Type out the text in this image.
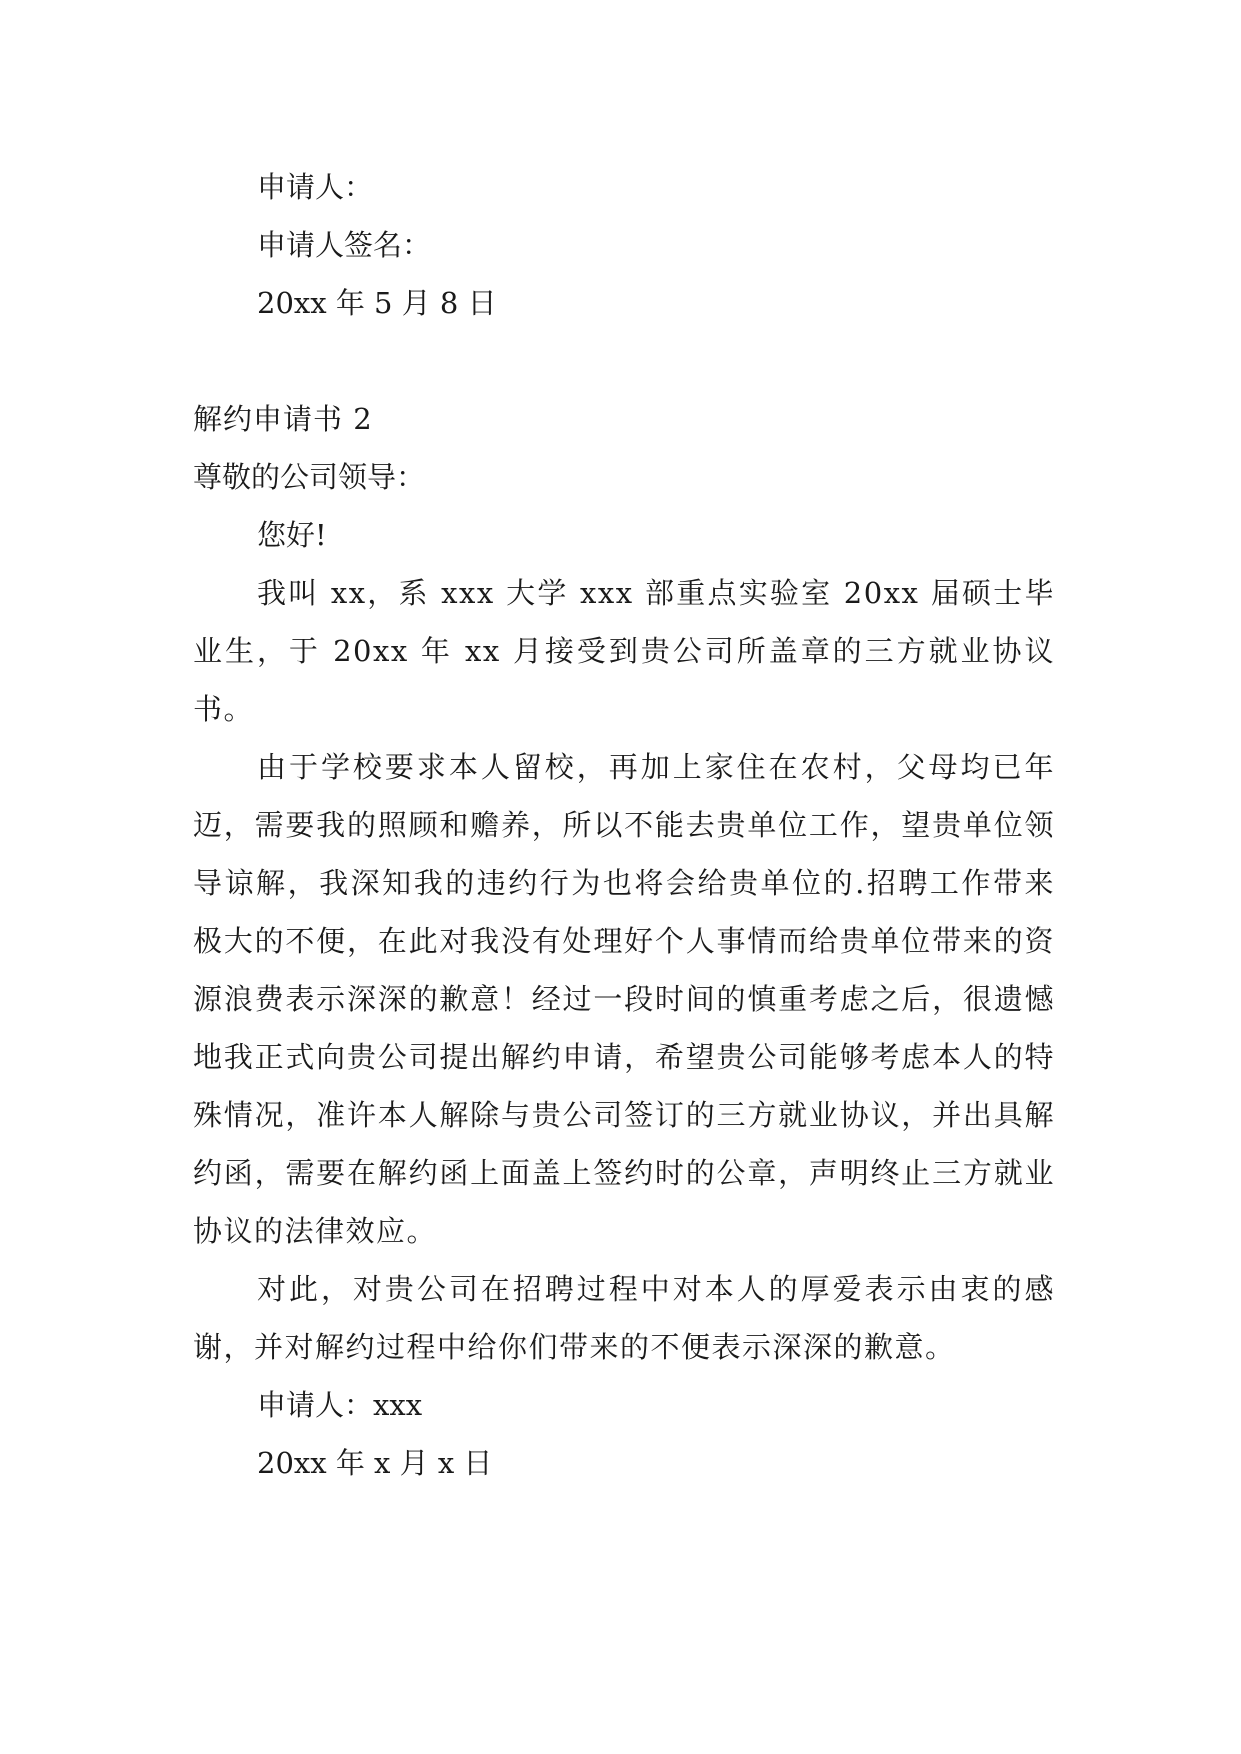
申请人：

申请人签名：

20xx 年 5 月 8 日

解约申请书 2

尊敬的公司领导：

您好!

我叫 xx，系 xxx 大学 xxx 部重点实验室 20xx 届硕士毕业生，于 20xx 年 xx 月接受到贵公司所盖章的三方就业协议书。

由于学校要求本人留校，再加上家住在农村，父母均已年迈，需要我的照顾和赡养，所以不能去贵单位工作，望贵单位领导谅解，我深知我的违约行为也将会给贵单位的.招聘工作带来极大的不便，在此对我没有处理好个人事情而给贵单位带来的资源浪费表示深深的歉意！经过一段时间的慎重考虑之后，很遗憾地我正式向贵公司提出解约申请，希望贵公司能够考虑本人的特殊情况，准许本人解除与贵公司签订的三方就业协议，并出具解约函，需要在解约函上面盖上签约时的公章，声明终止三方就业协议的法律效应。

对此，对贵公司在招聘过程中对本人的厚爱表示由衷的感谢，并对解约过程中给你们带来的不便表示深深的歉意。

申请人：xxx

20xx 年 x 月 x 日
